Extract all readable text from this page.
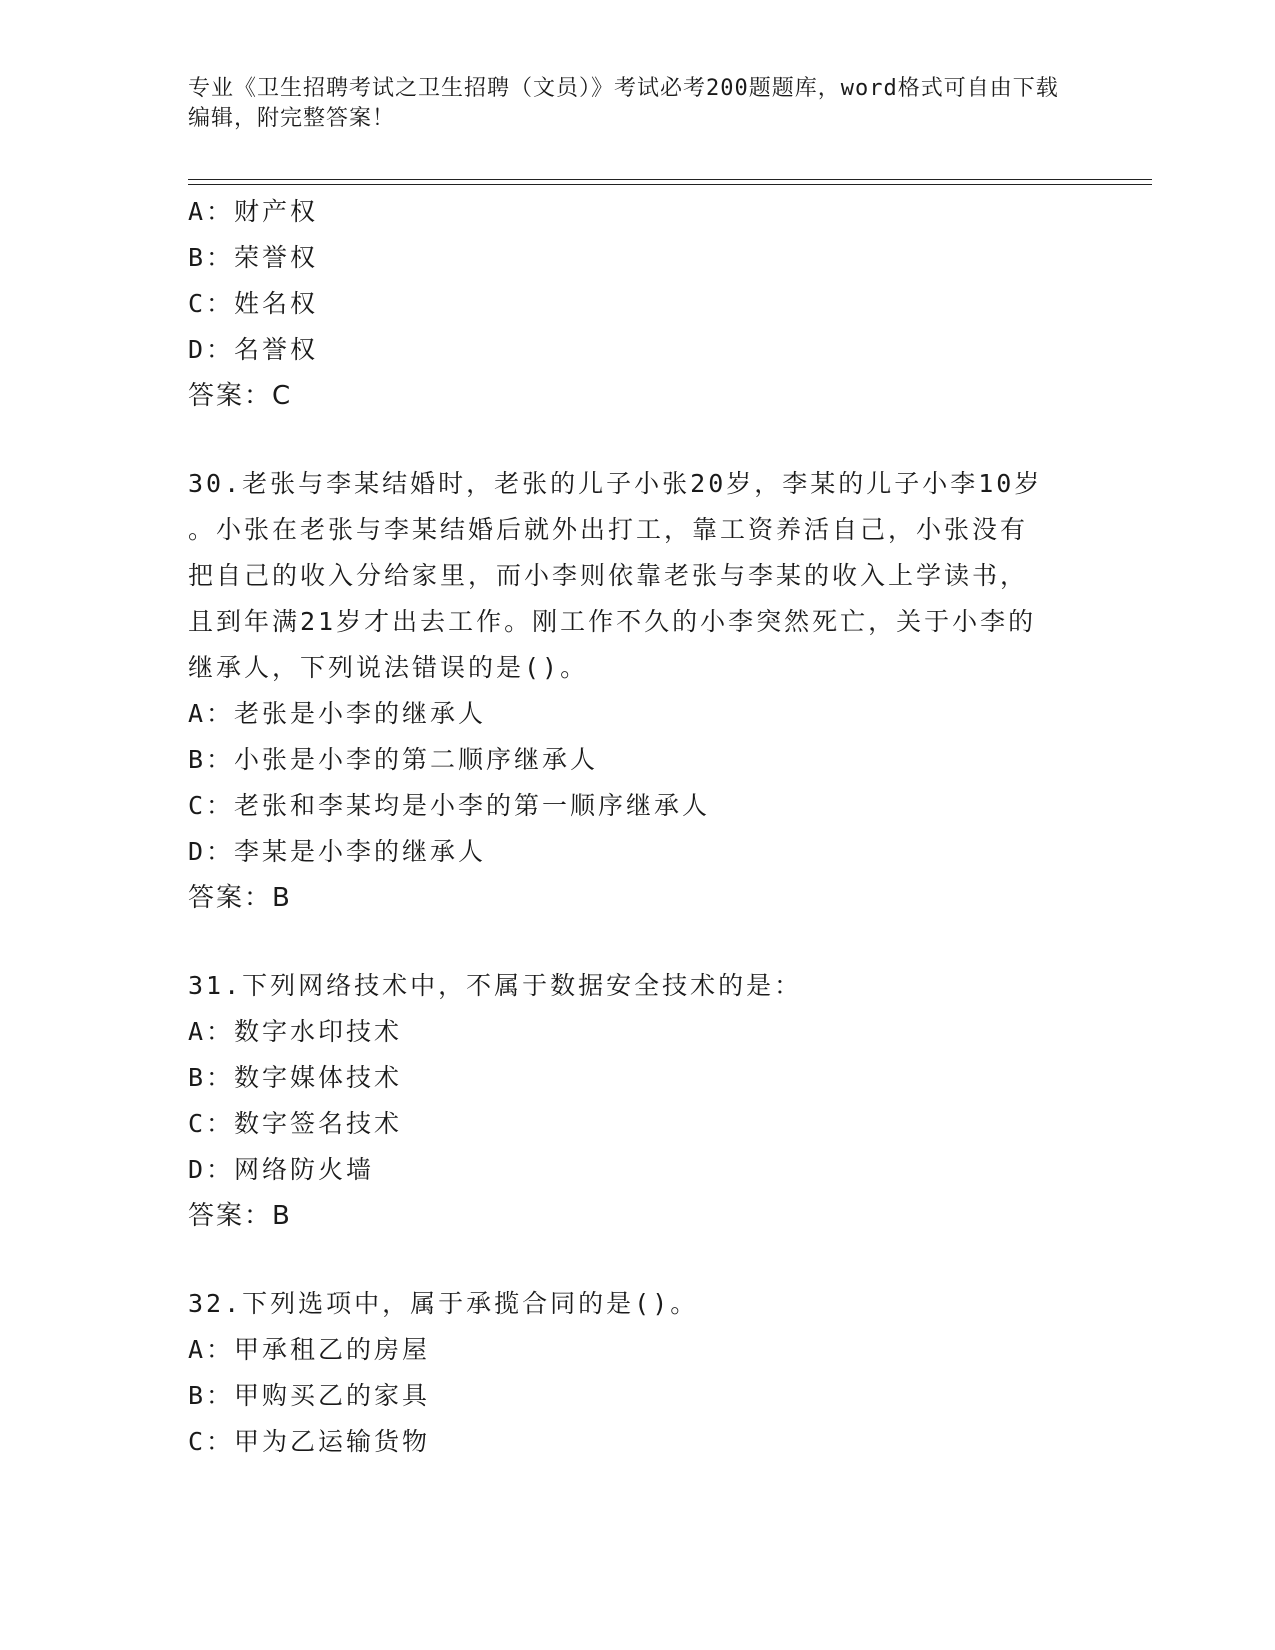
专业《卫生招聘考试之卫生招聘（文员）》考试必考200题题库，word格式可自由下载编辑，附完整答案！
A：财产权
B：荣誉权
C：姓名权
D：名誉权
答案：C
30.老张与李某结婚时，老张的儿子小张20岁，李某的儿子小李10岁
。小张在老张与李某结婚后就外出打工，靠工资养活自己，小张没有
把自己的收入分给家里，而小李则依靠老张与李某的收入上学读书，
且到年满21岁才出去工作。刚工作不久的小李突然死亡，关于小李的
继承人，下列说法错误的是()。
A：老张是小李的继承人
B：小张是小李的第二顺序继承人
C：老张和李某均是小李的第一顺序继承人
D：李某是小李的继承人
答案：B
31.下列网络技术中，不属于数据安全技术的是：
A：数字水印技术
B：数字媒体技术
C：数字签名技术
D：网络防火墙
答案：B
32.下列选项中，属于承揽合同的是()。
A：甲承租乙的房屋
B：甲购买乙的家具
C：甲为乙运输货物
